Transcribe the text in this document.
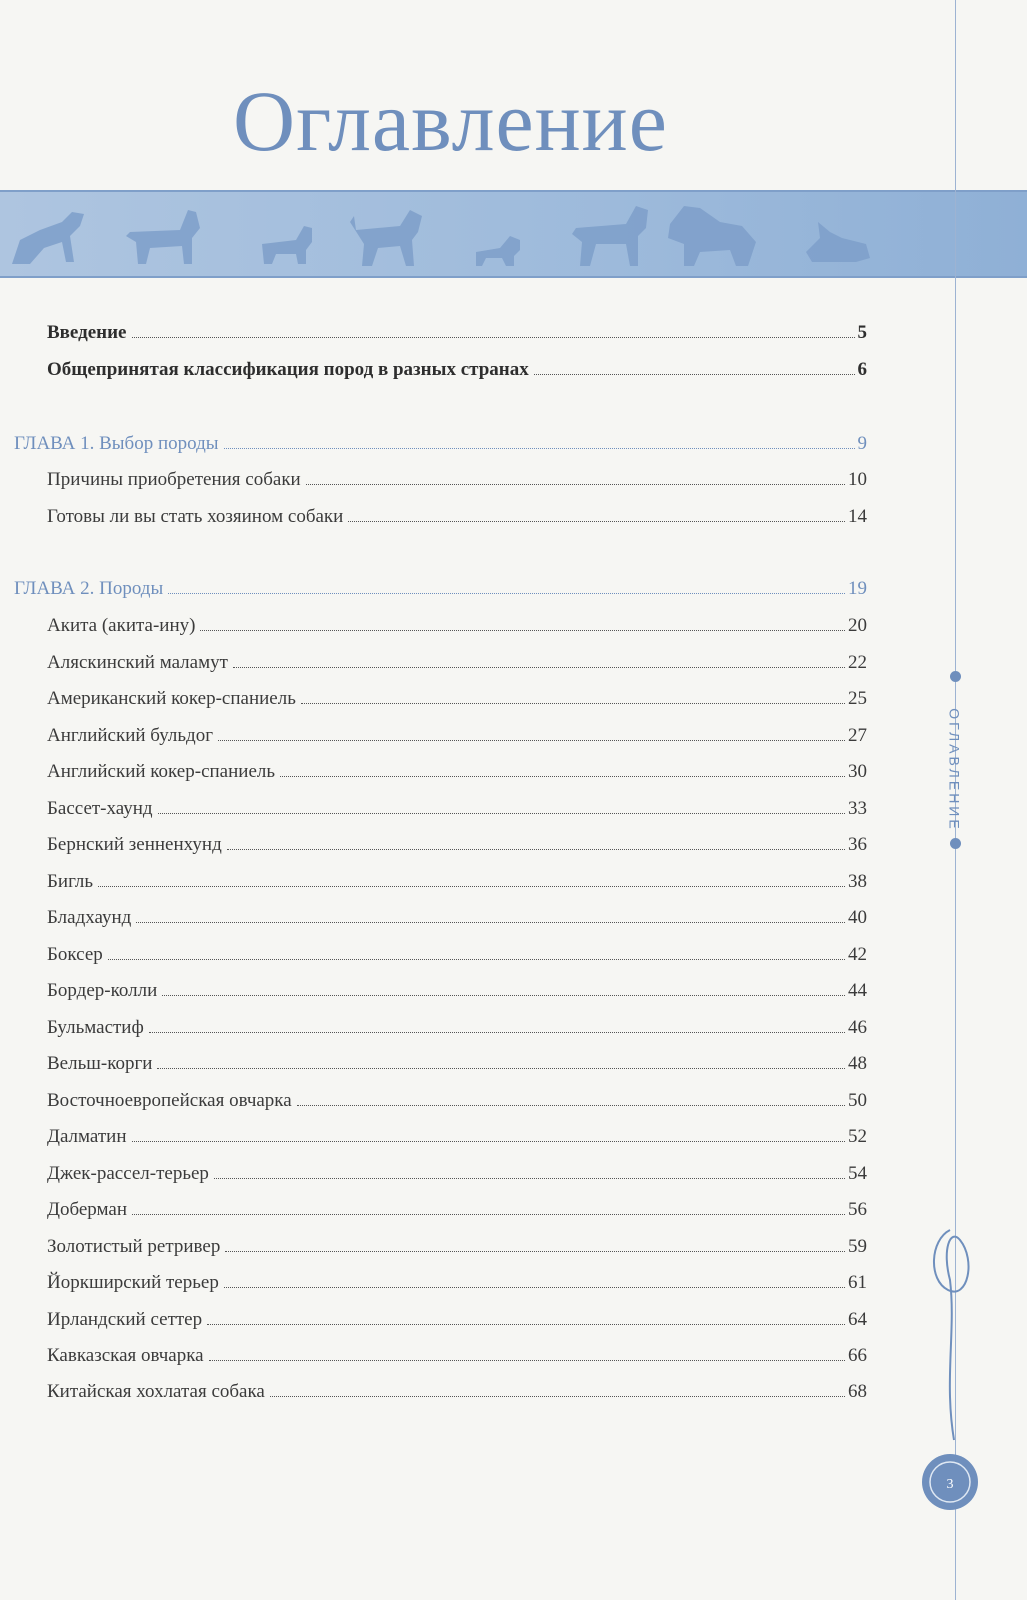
Оглавление
ОГЛАВЛЕНИЕ
3
Введение	5
Общепринятая классификация пород в разных странах	6
ГЛАВА 1. Выбор породы	9
Причины приобретения собаки	10
Готовы ли вы стать хозяином собаки	14
ГЛАВА 2. Породы	19
Акита (акита-ину)	20
Аляскинский маламут	22
Американский кокер-спаниель	25
Английский бульдог	27
Английский кокер-спаниель	30
Бассет-хаунд	33
Бернский зенненхунд	36
Бигль	38
Бладхаунд	40
Боксер	42
Бордер-колли	44
Бульмастиф	46
Вельш-корги	48
Восточноевропейская овчарка	50
Далматин	52
Джек-рассел-терьер	54
Доберман	56
Золотистый ретривер	59
Йоркширский терьер	61
Ирландский сеттер	64
Кавказская овчарка	66
Китайская хохлатая собака	68
